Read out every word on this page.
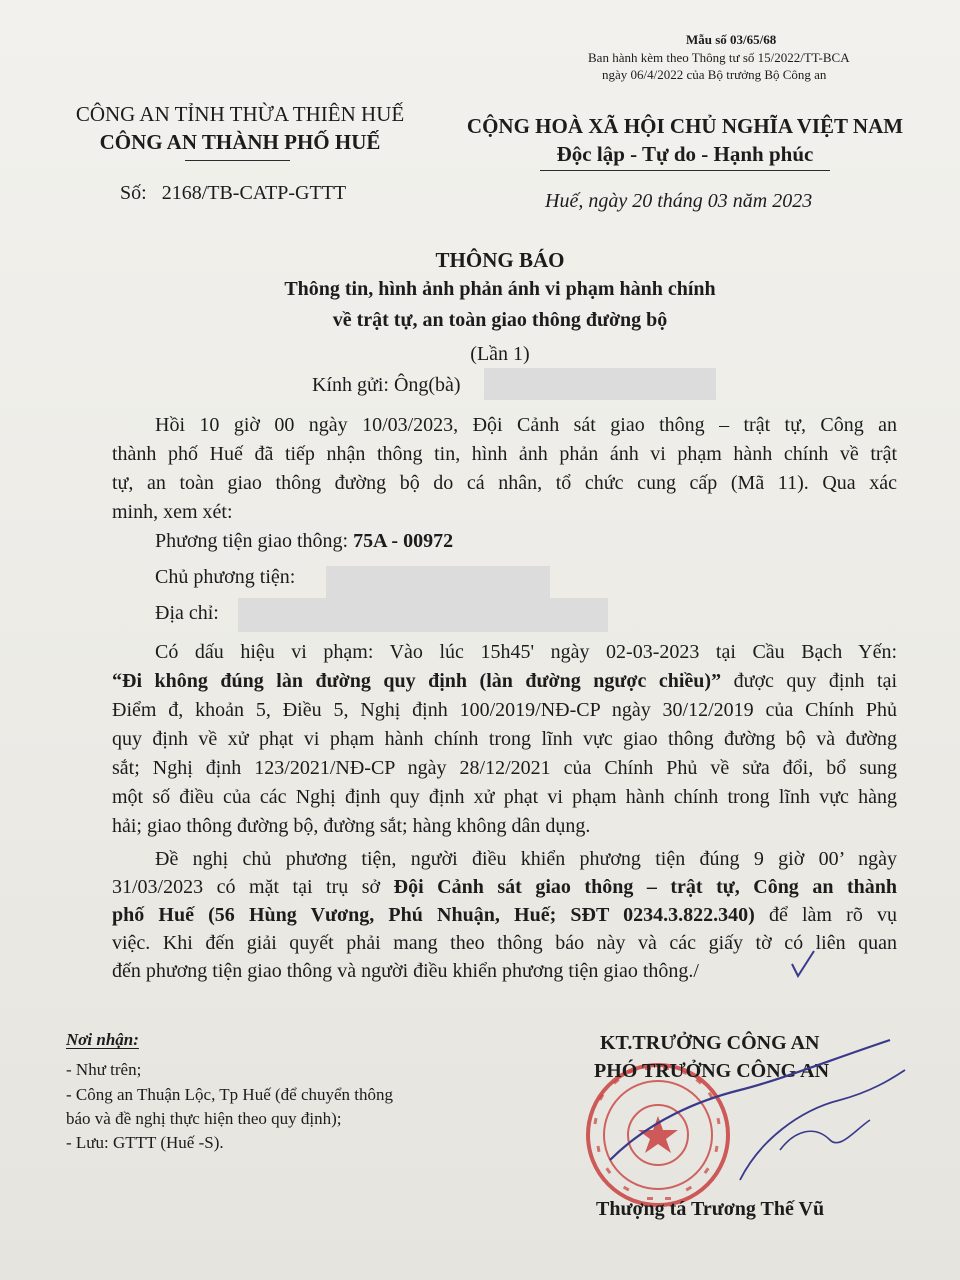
Mẫu số 03/65/68
Ban hành kèm theo Thông tư số 15/2022/TT-BCA
ngày 06/4/2022 của Bộ trưởng Bộ Công an
CÔNG AN TỈNH THỪA THIÊN HUẾ
CÔNG AN THÀNH PHỐ HUẾ
CỘNG HOÀ XÃ HỘI CHỦ NGHĨA VIỆT NAM
Độc lập - Tự do - Hạnh phúc
Số: 2168/TB-CATP-GTTT	Huế, ngày 20 tháng 03 năm 2023
THÔNG BÁO
Thông tin, hình ảnh phản ánh vi phạm hành chính
về trật tự, an toàn giao thông đường bộ
(Lần 1)
Kính gửi: Ông(bà)
Hồi 10 giờ 00 ngày 10/03/2023, Đội Cảnh sát giao thông – trật tự, Công an
thành phố Huế đã tiếp nhận thông tin, hình ảnh phản ánh vi phạm hành chính về trật
tự, an toàn giao thông đường bộ do cá nhân, tổ chức cung cấp (Mã 11). Qua xác
minh, xem xét:
Phương tiện giao thông: 75A - 00972
Chủ phương tiện:
Địa chỉ:
Có dấu hiệu vi phạm: Vào lúc 15h45' ngày 02-03-2023 tại Cầu Bạch Yến:
“Đi không đúng làn đường quy định (làn đường ngược chiều)” được quy định tại
Điểm đ, khoản 5, Điều 5, Nghị định 100/2019/NĐ-CP ngày 30/12/2019 của Chính Phủ
quy định về xử phạt vi phạm hành chính trong lĩnh vực giao thông đường bộ và đường
sắt; Nghị định 123/2021/NĐ-CP ngày 28/12/2021 của Chính Phủ về sửa đổi, bổ sung
một số điều của các Nghị định quy định xử phạt vi phạm hành chính trong lĩnh vực hàng
hải; giao thông đường bộ, đường sắt; hàng không dân dụng.
Đề nghị chủ phương tiện, người điều khiển phương tiện đúng 9 giờ 00’ ngày
31/03/2023 có mặt tại trụ sở Đội Cảnh sát giao thông – trật tự, Công an thành
phố Huế (56 Hùng Vương, Phú Nhuận, Huế; SĐT 0234.3.822.340) để làm rõ vụ
việc. Khi đến giải quyết phải mang theo thông báo này và các giấy tờ có liên quan
đến phương tiện giao thông và người điều khiển phương tiện giao thông./
Nơi nhận:
- Như trên;
- Công an Thuận Lộc, Tp Huế (để chuyển thông
báo và đề nghị thực hiện theo quy định);
- Lưu: GTTT (Huế -S).
KT.TRƯỞNG CÔNG AN
PHÓ TRƯỞNG CÔNG AN
Thượng tá Trương Thế Vũ
